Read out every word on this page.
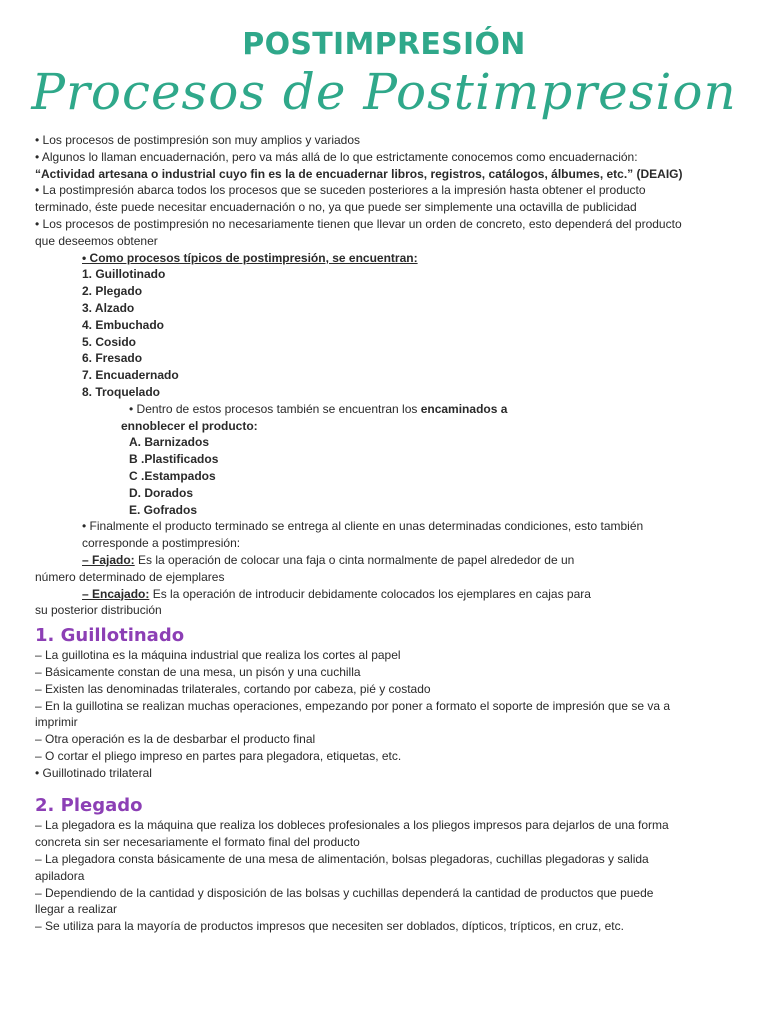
POSTIMPRESIÓN
Procesos de Postimpresion

• Los procesos de postimpresión son muy amplios y variados

• Algunos lo llaman encuadernación, pero va más allá de lo que estrictamente conocemos como encuadernación:

“Actividad artesana o industrial cuyo fin es la de encuadernar libros, registros, catálogos, álbumes, etc.” (DEAIG)

• La postimpresión abarca todos los procesos que se suceden posteriores a la impresión hasta obtener el producto

terminado, éste puede necesitar encuadernación o no, ya que puede ser simplemente una octavilla de publicidad

• Los procesos de postimpresión no necesariamente tienen que llevar un orden de concreto, esto dependerá del producto

que deseemos obtener

• Como procesos típicos de postimpresión, se encuentran:

1. Guillotinado

2. Plegado

3. Alzado

4. Embuchado

5. Cosido

6. Fresado

7. Encuadernado

8. Troquelado

• Dentro de estos procesos también se encuentran los encaminados a

ennoblecer el producto:

A. Barnizados

B .Plastificados

C .Estampados

D. Dorados

E. Gofrados

• Finalmente el producto terminado se entrega al cliente en unas determinadas condiciones, esto también

corresponde a postimpresión:

– Fajado: Es la operación de colocar una faja o cinta normalmente de papel alrededor de un

número determinado de ejemplares

– Encajado: Es la operación de introducir debidamente colocados los ejemplares en cajas para

su posterior distribución

1. Guillotinado

– La guillotina es la máquina industrial que realiza los cortes al papel

– Básicamente constan de una mesa, un pisón y una cuchilla

– Existen las denominadas trilaterales, cortando por cabeza, pié y costado

– En la guillotina se realizan muchas operaciones, empezando por poner a formato el soporte de impresión que se va a

imprimir

– Otra operación es la de desbarbar el producto final

– O cortar el pliego impreso en partes para plegadora, etiquetas, etc.

• Guillotinado trilateral

2. Plegado

– La plegadora es la máquina que realiza los dobleces profesionales a los pliegos impresos para dejarlos de una forma

concreta sin ser necesariamente el formato final del producto

– La plegadora consta básicamente de una mesa de alimentación, bolsas plegadoras, cuchillas plegadoras y salida

apiladora

– Dependiendo de la cantidad y disposición de las bolsas y cuchillas dependerá la cantidad de productos que puede

llegar a realizar

– Se utiliza para la mayoría de productos impresos que necesiten ser doblados, dípticos, trípticos, en cruz, etc.
